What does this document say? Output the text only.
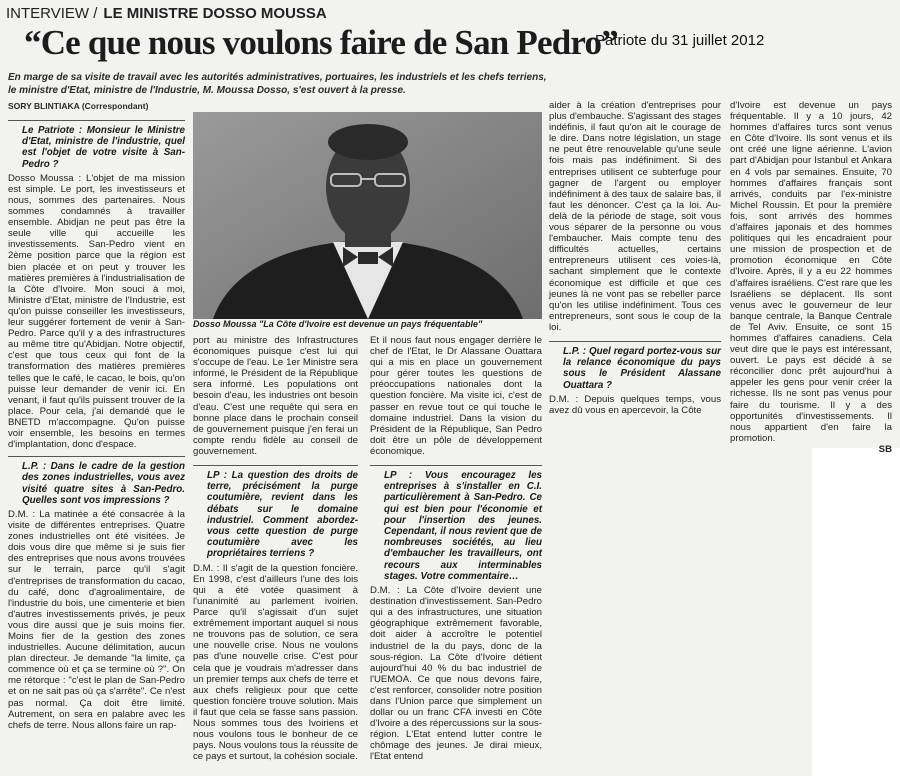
INTERVIEW / LE MINISTRE DOSSO MOUSSA
Patriote du 31 juillet 2012
“Ce que nous voulons faire de San Pedro”
En marge de sa visite de travail avec les autorités administratives, portuaires, les industriels et les chefs terriens, le ministre d'Etat, ministre de l'Industrie, M. Moussa Dosso, s'est ouvert à la presse.
SORY BLINTIAKA (Correspondant)
Le Patriote : Monsieur le Ministre d'Etat, ministre de l'industrie, quel est l'objet de votre visite à San-Pedro ?
Dosso Moussa : L'objet de ma mission est simple. Le port, les investisseurs et nous, sommes des partenaires. Nous sommes condamnés à travailler ensemble. Abidjan ne peut pas être la seule ville qui accueille les investissements. San-Pedro vient en 2ème position parce que la région est bien placée et on peut y trouver les matières premières à l'industrialisation de la Côte d'Ivoire. Mon souci à moi, Ministre d'Etat, ministre de l'Industrie, est qu'on puisse conseiller les investisseurs, leur suggérer fortement de venir à San-Pedro. Parce qu'il y a des infrastructures au même titre qu'Abidjan. Notre objectif, c'est que tous ceux qui font de la transformation des matières premières telles que le café, le cacao, le bois, qu'on puisse leur demander de venir ici. En venant, il faut qu'ils puissent trouver de la place. Pour cela, j'ai demandé que le BNETD m'accompagne. Qu'on puisse voir ensemble, les besoins en termes d'implantation, donc d'espace.
L.P. : Dans le cadre de la gestion des zones industrielles, vous avez visité quatre sites à San-Pedro. Quelles sont vos impressions ?
D.M. : La matinée a été consacrée à la visite de différentes entreprises. Quatre zones industrielles ont été visitées. Je dois vous dire que même si je suis fier des entreprises que nous avons trouvées sur le terrain, parce qu'il s'agit d'entreprises de transformation du cacao, du café, donc d'agroalimentaire, de l'industrie du bois, une cimenterie et bien d'autres investissements privés, je peux vous dire aussi que je suis moins fier. Moins fier de la gestion des zones industrielles. Aucune délimitation, aucun plan directeur. Je demande "la limite, ça commence où et ça se termine où ?". On me rétorque : "c'est le plan de San-Pedro et on ne sait pas où ça s'arrête". Ce n'est pas normal. Ça doit être limité. Autrement, on sera en palabre avec les chefs de terre. Nous allons faire un rap-
Dosso Moussa "La Côte d'Ivoire est devenue un pays fréquentable"
port au ministre des Infrastructures économiques puisque c'est lui qui s'occupe de l'eau. Le 1er Ministre sera informé, le Président de la République sera informé. Les populations ont besoin d'eau, les industries ont besoin d'eau. C'est une requête qui sera en bonne place dans le prochain conseil de gouvernement puisque j'en ferai un compte rendu fidèle au conseil de gouvernement.
LP : La question des droits de terre, précisément la purge coutumière, revient dans les débats sur le domaine industriel. Comment abordez-vous cette question de purge coutumière avec les propriétaires terriens ?
D.M. : Il s'agit de la question foncière. En 1998, c'est d'ailleurs l'une des lois qui a été votée quasiment à l'unanimité au parlement ivoirien. Parce qu'il s'agissait d'un sujet extrêmement important auquel si nous ne trouvons pas de solution, ce sera une nouvelle crise. Nous ne voulons pas d'une nouvelle crise. C'est pour cela que je voudrais m'adresser dans un premier temps aux chefs de terre et aux chefs religieux pour que cette question foncière trouve solution. Mais il faut que cela se fasse sans passion. Nous sommes tous des Ivoiriens et nous voulons tous le bonheur de ce pays. Nous voulons tous la réussite de ce pays et surtout, la cohésion sociale.
Et il nous faut nous engager derrière le chef de l'Etat, le Dr Alassane Ouattara qui a mis en place un gouvernement pour gérer toutes les questions de préoccupations nationales dont la question foncière. Ma visite ici, c'est de passer en revue tout ce qui touche le domaine industriel. Dans la vision du Président de la République, San Pedro doit être un pôle de développement économique.
LP : Vous encouragez les entreprises à s'installer en C.I. particulièrement à San-Pedro. Ce qui est bien pour l'économie et pour l'insertion des jeunes. Cependant, il nous revient que de nombreuses sociétés, au lieu d'embaucher les travailleurs, ont recours aux interminables stages. Votre commentaire…
D.M. : La Côte d'Ivoire devient une destination d'investissement. San-Pedro qui a des infrastructures, une situation géographique extrêmement favorable, doit aider à accroître le potentiel industriel de la du pays, donc de la sous-région. La Côte d'Ivoire détient aujourd'hui 40 % du bac industriel de l'UEMOA. Ce que nous devons faire, c'est renforcer, consolider notre position dans l'Union parce que simplement un dollar ou un franc CFA investi en Côte d'Ivoire a des répercussions sur la sous-région. L'Etat entend lutter contre le chômage des jeunes. Je dirai mieux, l'Etat entend
aider à la création d'entreprises pour plus d'embauche. S'agissant des stages indéfinis, il faut qu'on ait le courage de le dire. Dans notre législation, un stage ne peut être renouvelable qu'une seule fois mais pas indéfiniment. Si des entreprises utilisent ce subterfuge pour gagner de l'argent ou employer indéfiniment à des taux de salaire bas, il faut les dénoncer. C'est ça la loi. Au-delà de la période de stage, soit vous vous séparer de la personne ou vous l'embaucher. Mais compte tenu des difficultés actuelles, certains entrepreneurs utilisent ces voies-là, sachant simplement que le contexte économique est difficile et que ces jeunes là ne vont pas se rebeller parce qu'on les utilise indéfiniment. Tous ces entrepreneurs, sont sous le coup de la loi.
L.P. : Quel regard portez-vous sur la relance économique du pays sous le Président Alassane Ouattara ?
D.M. : Depuis quelques temps, vous avez dû vous en apercevoir, la Côte
d'Ivoire est devenue un pays fréquentable. Il y a 10 jours, 42 hommes d'affaires turcs sont venus en Côte d'Ivoire. Ils sont venus et ils ont créé une ligne aérienne. L'avion part d'Abidjan pour Istanbul et Ankara en 4 vols par semaines. Ensuite, 70 hommes d'affaires français sont arrivés, conduits par l'ex-ministre Michel Roussin. Et pour la première fois, sont arrivés des hommes d'affaires japonais et des hommes politiques qui les encadraient pour une mission de prospection et de promotion économique en Côte d'Ivoire. Après, il y a eu 22 hommes d'affaires israéliens. C'est rare que les Israéliens se déplacent. Ils sont venus avec le gouverneur de leur banque centrale, la Banque Centrale de Tel Aviv. Ensuite, ce sont 15 hommes d'affaires canadiens. Cela veut dire que le pays est intéressant, ouvert. Le pays est décidé à se réconcilier donc prêt aujourd'hui à appeler les gens pour venir créer la richesse. Ils ne sont pas venus pour faire du tourisme. Il y a des opportunités d'investissements. Il nous appartient d'en faire la promotion.
SB
